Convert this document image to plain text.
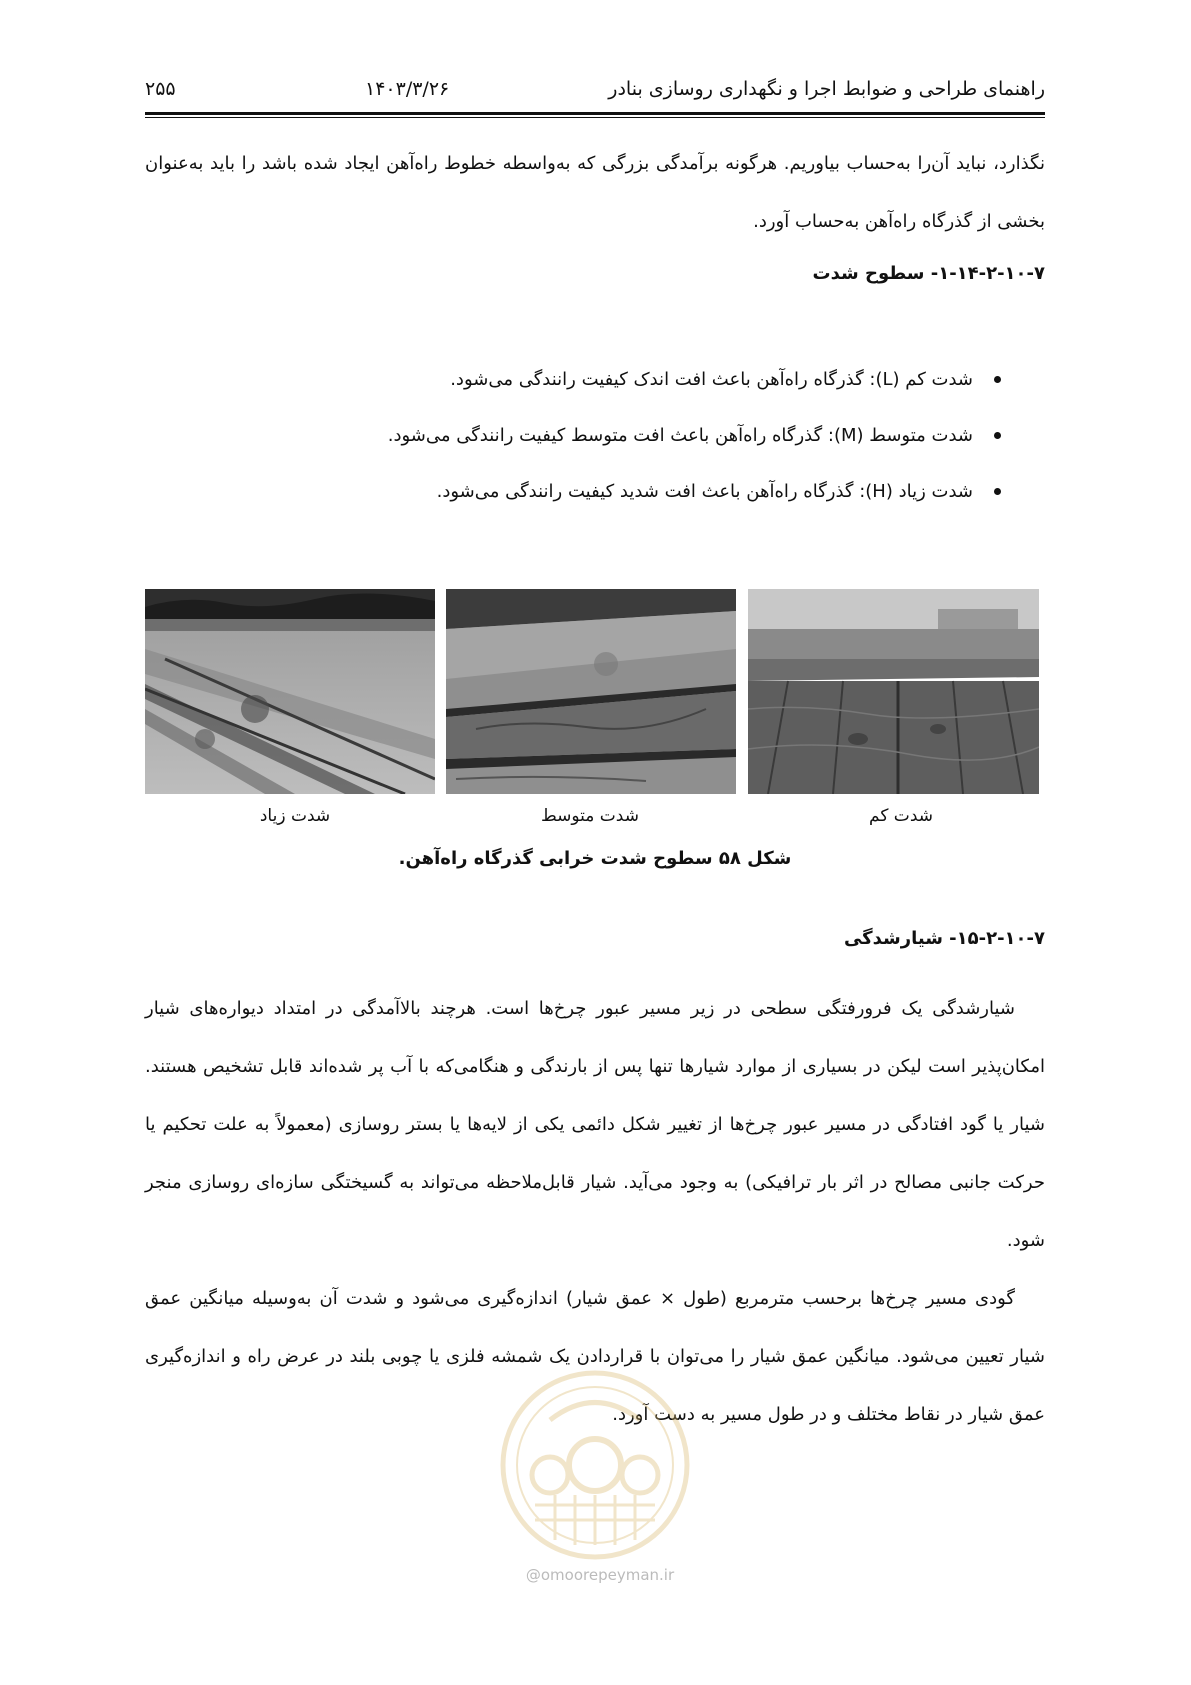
راهنمای طراحی و ضوابط اجرا و نگهداری روسازی بنادر
۱۴۰۳/۳/۲۶
۲۵۵
نگذارد، نباید آن‌را به‌حساب بیاوریم. هرگونه برآمدگی بزرگی که به‌واسطه خطوط راه‌آهن ایجاد شده باشد را باید به‌عنوان بخشی از گذرگاه راه‌آهن به‌حساب آورد.
۱-۱۴-۲-۱۰-۷- سطوح شدت
شدت کم (L): گذرگاه راه‌آهن باعث افت اندک کیفیت رانندگی می‌شود.
شدت متوسط (M): گذرگاه راه‌آهن باعث افت متوسط کیفیت رانندگی می‌شود.
شدت زیاد (H): گذرگاه راه‌آهن باعث افت شدید کیفیت رانندگی می‌شود.
شدت زیاد	شدت متوسط	شدت کم
شکل ۵۸ سطوح شدت خرابی گذرگاه راه‌آهن.
۱۵-۲-۱۰-۷- شیارشدگی
شیارشدگی یک فرورفتگی سطحی در زیر مسیر عبور چرخ‌ها است. هرچند بالاآمدگی در امتداد دیواره‌های شیار امکان‌پذیر است لیکن در بسیاری از موارد شیارها تنها پس از بارندگی و هنگامی‌که با آب پر شده‌اند قابل تشخیص هستند. شیار یا گود افتادگی در مسیر عبور چرخ‌ها از تغییر شکل دائمی یکی از لایه‌ها یا بستر روسازی (معمولاً به علت تحکیم یا حرکت جانبی مصالح در اثر بار ترافیکی) به وجود می‌آید. شیار قابل‌ملاحظه می‌تواند به گسیختگی سازه‌ای روسازی منجر شود.
گودی مسیر چرخ‌ها برحسب مترمربع (طول × عمق شیار) اندازه‌گیری می‌شود و شدت آن به‌وسیله میانگین عمق شیار تعیین می‌شود. میانگین عمق شیار را می‌توان با قراردادن یک شمشه فلزی یا چوبی بلند در عرض راه و اندازه‌گیری عمق شیار در نقاط مختلف و در طول مسیر به دست آورد.
@omoorepeyman.ir
